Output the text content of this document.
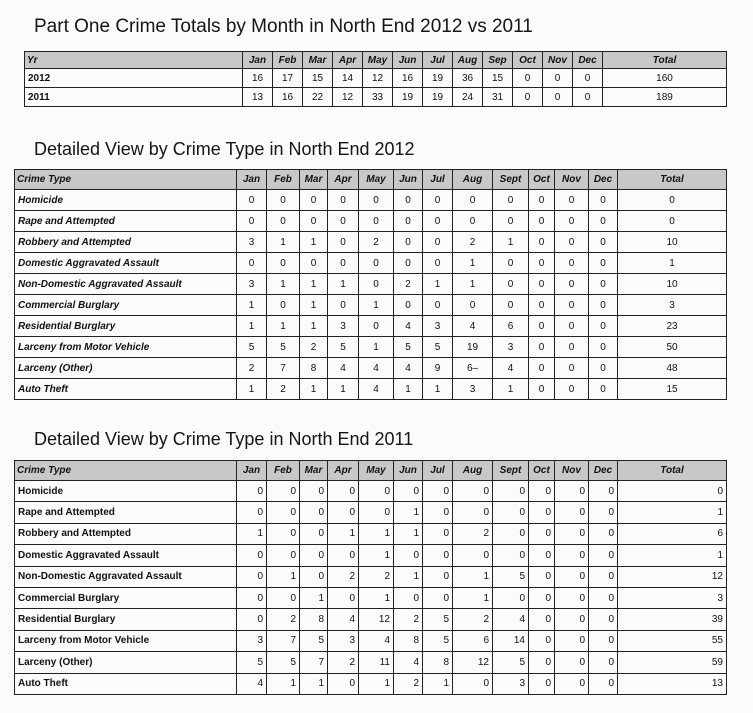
Part One Crime Totals by Month in North End 2012 vs 2011
Yr	Jan	Feb	Mar	Apr	May	Jun	Jul	Aug	Sep	Oct	Nov	Dec	Total
2012	16	17	15	14	12	16	19	36	15	0	0	0	160
2011	13	16	22	12	33	19	19	24	31	0	0	0	189
Detailed View by Crime Type in North End 2012
Crime Type	Jan	Feb	Mar	Apr	May	Jun	Jul	Aug	Sept	Oct	Nov	Dec	Total
Homicide	0	0	0	0	0	0	0	0	0	0	0	0	0
Rape and Attempted	0	0	0	0	0	0	0	0	0	0	0	0	0
Robbery and Attempted	3	1	1	0	2	0	0	2	1	0	0	0	10
Domestic Aggravated Assault	0	0	0	0	0	0	0	1	0	0	0	0	1
Non-Domestic Aggravated Assault	3	1	1	1	0	2	1	1	0	0	0	0	10
Commercial Burglary	1	0	1	0	1	0	0	0	0	0	0	0	3
Residential Burglary	1	1	1	3	0	4	3	4	6	0	0	0	23
Larceny from Motor Vehicle	5	5	2	5	1	5	5	19	3	0	0	0	50
Larceny (Other)	2	7	8	4	4	4	9	6–	4	0	0	0	48
Auto Theft	1	2	1	1	4	1	1	3	1	0	0	0	15
Detailed View by Crime Type in North End 2011
Crime Type	Jan	Feb	Mar	Apr	May	Jun	Jul	Aug	Sept	Oct	Nov	Dec	Total
Homicide	0	0	0	0	0	0	0	0	0	0	0	0	0
Rape and Attempted	0	0	0	0	0	1	0	0	0	0	0	0	1
Robbery and Attempted	1	0	0	1	1	1	0	2	0	0	0	0	6
Domestic Aggravated Assault	0	0	0	0	1	0	0	0	0	0	0	0	1
Non-Domestic Aggravated Assault	0	1	0	2	2	1	0	1	5	0	0	0	12
Commercial Burglary	0	0	1	0	1	0	0	1	0	0	0	0	3
Residential Burglary	0	2	8	4	12	2	5	2	4	0	0	0	39
Larceny from Motor Vehicle	3	7	5	3	4	8	5	6	14	0	0	0	55
Larceny (Other)	5	5	7	2	11	4	8	12	5	0	0	0	59
Auto Theft	4	1	1	0	1	2	1	0	3	0	0	0	13
